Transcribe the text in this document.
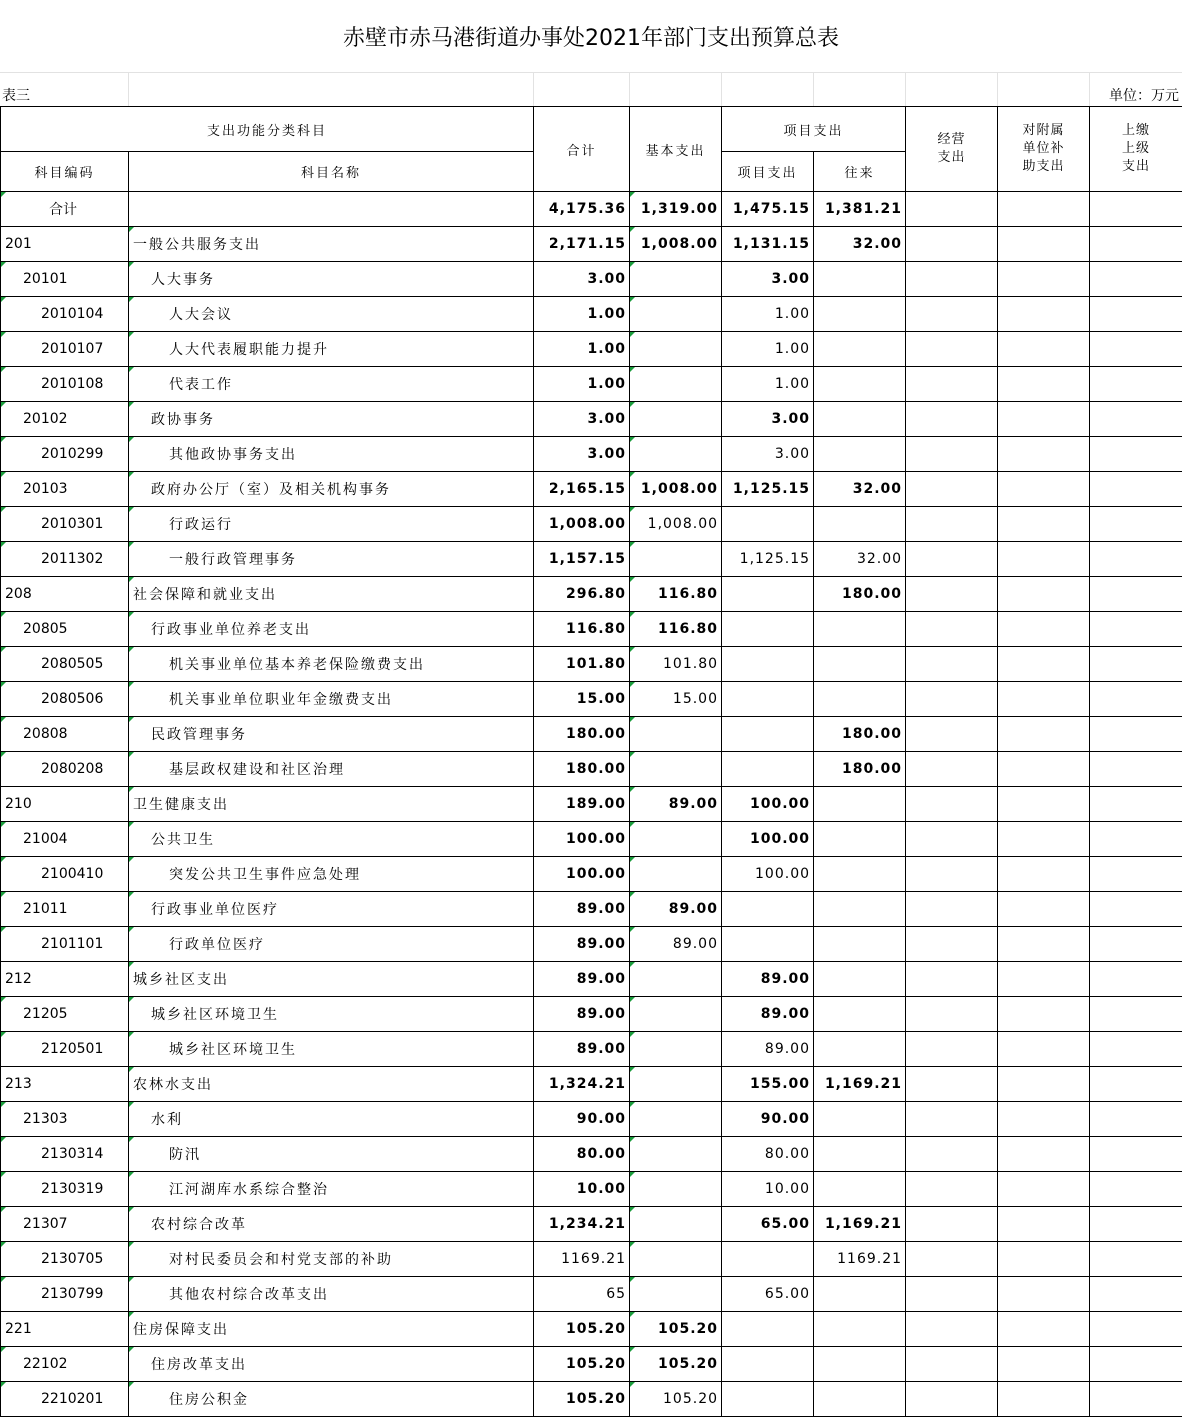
赤壁市赤马港街道办事处2021年部门支出预算总表
表三	单位：万元
支出功能分类科目		合计	基本支出	项目支出		经营支出	对附属单位补助支出	上缴上级支出

科目编码	科目名称			项目支出	往来			
合计		4,175.36	1,319.00	1,475.15	1,381.21			
201	一般公共服务支出	2,171.15	1,008.00	1,131.15	32.00			
20101	人大事务	3.00		3.00				
2010104	人大会议	1.00		1.00				
2010107	人大代表履职能力提升	1.00		1.00				
2010108	代表工作	1.00		1.00				
20102	政协事务	3.00		3.00				
2010299	其他政协事务支出	3.00		3.00				
20103	政府办公厅（室）及相关机构事务	2,165.15	1,008.00	1,125.15	32.00			
2010301	行政运行	1,008.00	1,008.00					
2011302	一般行政管理事务	1,157.15		1,125.15	32.00			
208	社会保障和就业支出	296.80	116.80		180.00			
20805	行政事业单位养老支出	116.80	116.80					
2080505	机关事业单位基本养老保险缴费支出	101.80	101.80					
2080506	机关事业单位职业年金缴费支出	15.00	15.00					
20808	民政管理事务	180.00			180.00			
2080208	基层政权建设和社区治理	180.00			180.00			
210	卫生健康支出	189.00	89.00	100.00				
21004	公共卫生	100.00		100.00				
2100410	突发公共卫生事件应急处理	100.00		100.00				
21011	行政事业单位医疗	89.00	89.00					
2101101	行政单位医疗	89.00	89.00					
212	城乡社区支出	89.00		89.00				
21205	城乡社区环境卫生	89.00		89.00				
2120501	城乡社区环境卫生	89.00		89.00				
213	农林水支出	1,324.21		155.00	1,169.21			
21303	水利	90.00		90.00				
2130314	防汛	80.00		80.00				
2130319	江河湖库水系综合整治	10.00		10.00				
21307	农村综合改革	1,234.21		65.00	1,169.21			
2130705	对村民委员会和村党支部的补助	1169.21			1169.21			
2130799	其他农村综合改革支出	65		65.00				
221	住房保障支出	105.20	105.20					
22102	住房改革支出	105.20	105.20					
2210201	住房公积金	105.20	105.20					
